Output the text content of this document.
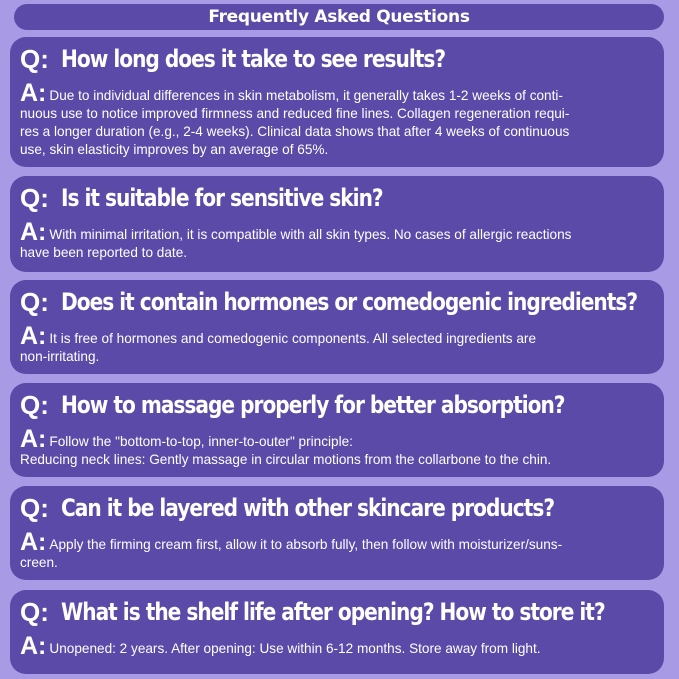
Frequently Asked Questions
Q: How long does it take to see results?
A: Due to individual differences in skin metabolism, it generally takes 1-2 weeks of conti-
nuous use to notice improved firmness and reduced fine lines. Collagen regeneration requi-
res a longer duration (e.g., 2-4 weeks). Clinical data shows that after 4 weeks of continuous
use, skin elasticity improves by an average of 65%.
Q: Is it suitable for sensitive skin?
A: With minimal irritation, it is compatible with all skin types. No cases of allergic reactions
have been reported to date.
Q: Does it contain hormones or comedogenic ingredients?
A: It is free of hormones and comedogenic components. All selected ingredients are
non-irritating.
Q: How to massage properly for better absorption?
A: Follow the "bottom-to-top, inner-to-outer" principle:
Reducing neck lines: Gently massage in circular motions from the collarbone to the chin.
Q: Can it be layered with other skincare products?
A: Apply the firming cream first, allow it to absorb fully, then follow with moisturizer/suns-
creen.
Q: What is the shelf life after opening? How to store it?
A: Unopened: 2 years. After opening: Use within 6-12 months. Store away from light.
